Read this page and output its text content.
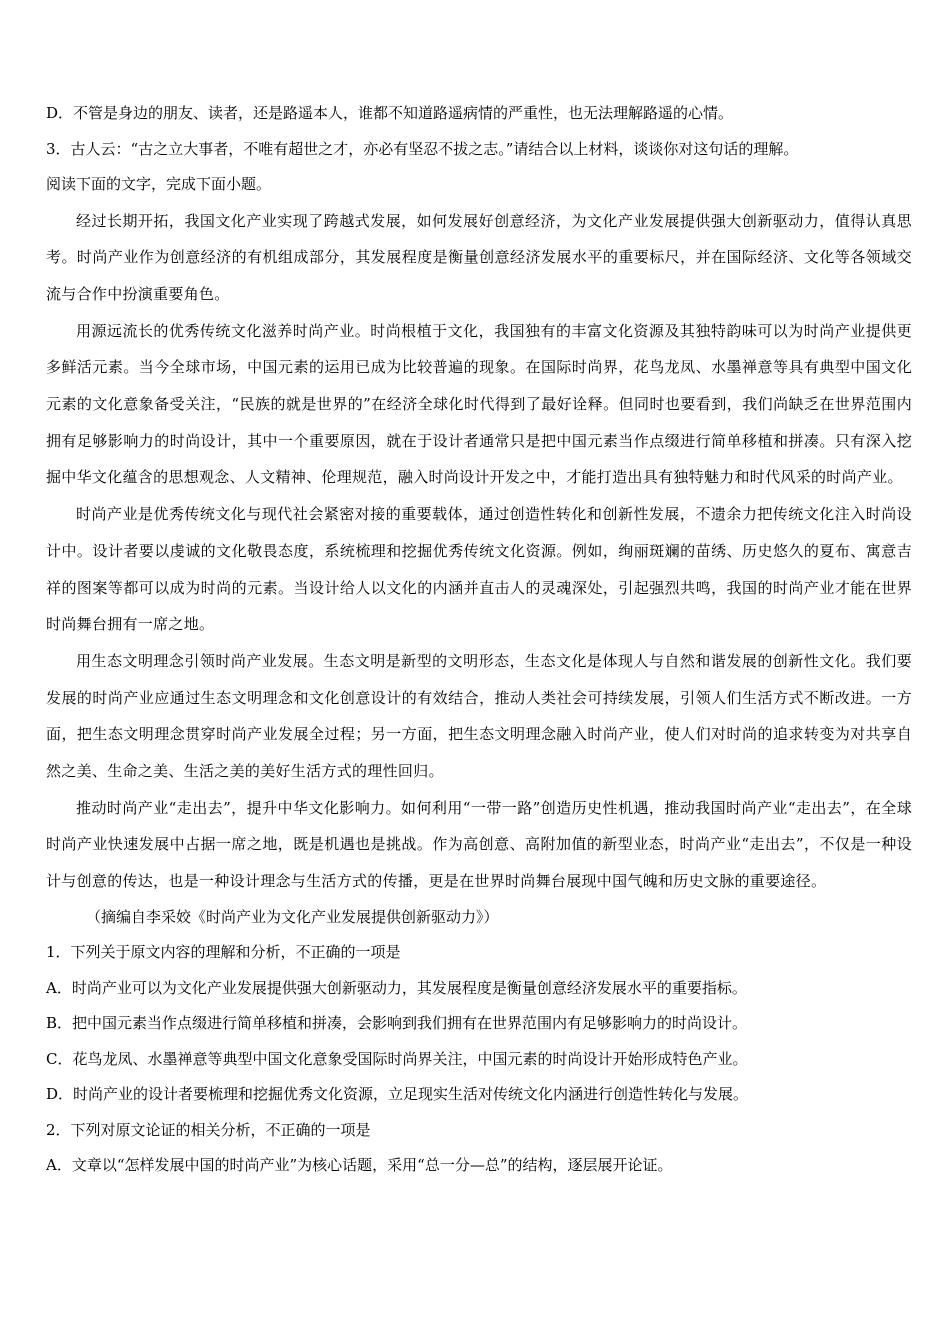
D．不管是身边的朋友、读者，还是路遥本人，谁都不知道路遥病情的严重性，也无法理解路遥的心情。

3．古人云：“古之立大事者，不唯有超世之才，亦必有坚忍不拔之志。”请结合以上材料，谈谈你对这句话的理解。

阅读下面的文字，完成下面小题。

经过长期开拓，我国文化产业实现了跨越式发展，如何发展好创意经济，为文化产业发展提供强大创新驱动力，值得认真思考。时尚产业作为创意经济的有机组成部分，其发展程度是衡量创意经济发展水平的重要标尺，并在国际经济、文化等各领域交流与合作中扮演重要角色。

用源远流长的优秀传统文化滋养时尚产业。时尚根植于文化，我国独有的丰富文化资源及其独特韵味可以为时尚产业提供更多鲜活元素。当今全球市场，中国元素的运用已成为比较普遍的现象。在国际时尚界，花鸟龙凤、水墨禅意等具有典型中国文化元素的文化意象备受关注，“民族的就是世界的”在经济全球化时代得到了最好诠释。但同时也要看到，我们尚缺乏在世界范围内拥有足够影响力的时尚设计，其中一个重要原因，就在于设计者通常只是把中国元素当作点缀进行简单移植和拼凑。只有深入挖掘中华文化蕴含的思想观念、人文精神、伦理规范，融入时尚设计开发之中，才能打造出具有独特魅力和时代风采的时尚产业。

时尚产业是优秀传统文化与现代社会紧密对接的重要载体，通过创造性转化和创新性发展，不遗余力把传统文化注入时尚设计中。设计者要以虔诚的文化敬畏态度，系统梳理和挖掘优秀传统文化资源。例如，绚丽斑斓的苗绣、历史悠久的夏布、寓意吉祥的图案等都可以成为时尚的元素。当设计给人以文化的内涵并直击人的灵魂深处，引起强烈共鸣，我国的时尚产业才能在世界时尚舞台拥有一席之地。

用生态文明理念引领时尚产业发展。生态文明是新型的文明形态，生态文化是体现人与自然和谐发展的创新性文化。我们要发展的时尚产业应通过生态文明理念和文化创意设计的有效结合，推动人类社会可持续发展，引领人们生活方式不断改进。一方面，把生态文明理念贯穿时尚产业发展全过程；另一方面，把生态文明理念融入时尚产业，使人们对时尚的追求转变为对共享自然之美、生命之美、生活之美的美好生活方式的理性回归。

推动时尚产业“走出去”，提升中华文化影响力。如何利用“一带一路”创造历史性机遇，推动我国时尚产业“走出去”，在全球时尚产业快速发展中占据一席之地，既是机遇也是挑战。作为高创意、高附加值的新型业态，时尚产业“走出去”，不仅是一种设计与创意的传达，也是一种设计理念与生活方式的传播，更是在世界时尚舞台展现中国气魄和历史文脉的重要途径。

（摘编自李采姣《时尚产业为文化产业发展提供创新驱动力》）

1．下列关于原文内容的理解和分析，不正确的一项是

A．时尚产业可以为文化产业发展提供强大创新驱动力，其发展程度是衡量创意经济发展水平的重要指标。

B．把中国元素当作点缀进行简单移植和拼凑，会影响到我们拥有在世界范围内有足够影响力的时尚设计。

C．花鸟龙凤、水墨禅意等典型中国文化意象受国际时尚界关注，中国元素的时尚设计开始形成特色产业。

D．时尚产业的设计者要梳理和挖掘优秀文化资源，立足现实生活对传统文化内涵进行创造性转化与发展。

2．下列对原文论证的相关分析，不正确的一项是

A．文章以“怎样发展中国的时尚产业”为核心话题，采用“总一分—总”的结构，逐层展开论证。
